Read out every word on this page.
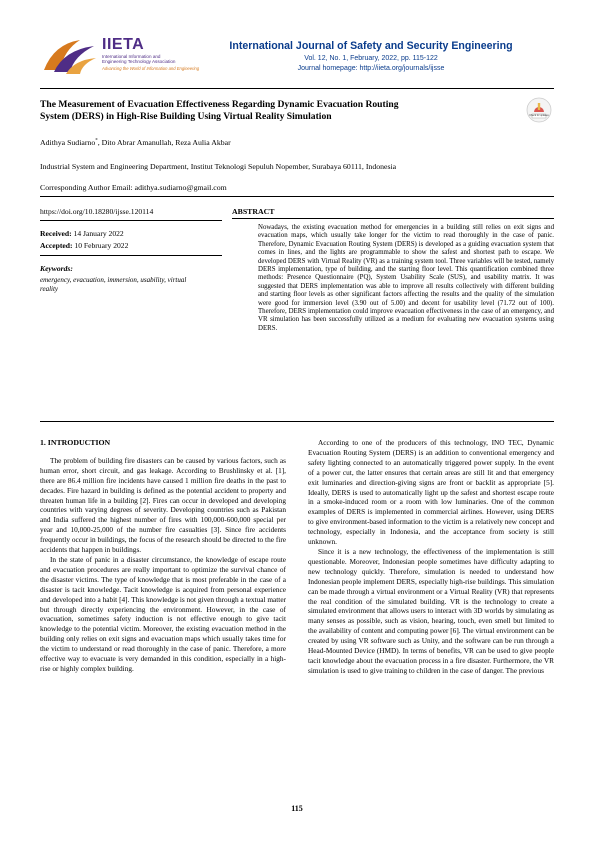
IIETA
International Information and
Engineering Technology Association
Advancing the World of Information and Engineering
International Journal of Safety and Security Engineering
Vol. 12, No. 1, February, 2022, pp. 115-122
Journal homepage: http://iieta.org/journals/ijsse
The Measurement of Evacuation Effectiveness Regarding Dynamic Evacuation Routing
System (DERS) in High-Rise Building Using Virtual Reality Simulation	Check for updates
Adithya Sudiarno*, Dito Abrar Amanullah, Reza Aulia Akbar
Industrial System and Engineering Department, Institut Teknologi Sepuluh Nopember, Surabaya 60111, Indonesia
Corresponding Author Email: adithya.sudiarno@gmail.com
https://doi.org/10.18280/ijsse.120114
Received: 14 January 2022
Accepted: 10 February 2022
Keywords:
emergency, evacuation, immersion, usability, virtual reality
ABSTRACT
Nowadays, the existing evacuation method for emergencies in a building still relies on exit signs and evacuation maps, which usually take longer for the victim to read thoroughly in the case of panic. Therefore, Dynamic Evacuation Routing System (DERS) is developed as a guiding evacuation system that comes in lines, and the lights are programmable to show the safest and shortest path to escape. We developed DERS with Virtual Reality (VR) as a training system tool. Three variables will be tested, namely DERS implementation, type of building, and the starting floor level. This quantification combined three methods: Presence Questionnaire (PQ), System Usability Scale (SUS), and usability matrix. It was suggested that DERS implementation was able to improve all results collectively with different building and starting floor levels as other significant factors affecting the results and the quality of the simulation were good for immersion level (3.90 out of 5.00) and decent for usability level (71.72 out of 100). Therefore, DERS implementation could improve evacuation effectiveness in the case of an emergency, and VR simulation has been successfully utilized as a medium for evaluating new evacuation systems using DERS.
1. INTRODUCTION

The problem of building fire disasters can be caused by various factors, such as human error, short circuit, and gas leakage. According to Brushlinsky et al. [1], there are 86.4 million fire incidents have caused 1 million fire deaths in the past to decades. Fire hazard in building is defined as the potential accident to property and threaten human life in a building [2]. Fires can occur in developed and developing countries with varying degrees of severity. Developing countries such as Pakistan and India suffered the highest number of fires with 100,000-600,000 special per year and 10,000-25,000 of the number fire casualties [3]. Since fire accidents frequently occur in buildings, the focus of the research should be directed to the fire accidents that happen in buildings.

In the state of panic in a disaster circumstance, the knowledge of escape route and evacuation procedures are really important to optimize the survival chance of the disaster victims. The type of knowledge that is most preferable in the case of a disaster is tacit knowledge. Tacit knowledge is acquired from personal experience and developed into a habit [4]. This knowledge is not given through a textual matter but through directly experiencing the environment. However, in the case of evacuation, sometimes safety induction is not effective enough to give tacit knowledge to the potential victim. Moreover, the existing evacuation method in the building only relies on exit signs and evacuation maps which usually takes time for the victim to understand or read thoroughly in the case of panic. Therefore, a more effective way to evacuate is very demanded in this condition, especially in a high-rise or highly complex building.

According to one of the producers of this technology, INO TEC, Dynamic Evacuation Routing System (DERS) is an addition to conventional emergency and safety lighting connected to an automatically triggered power supply. In the event of a power cut, the latter ensures that certain areas are still lit and that emergency exit luminaries and direction-giving signs are front or backlit as appropriate [5]. Ideally, DERS is used to automatically light up the safest and shortest escape route in a smoke-induced room or a room with low luminaries. One of the common examples of DERS is implemented in commercial airlines. However, using DERS to give environment-based information to the victim is a relatively new concept and technology, especially in Indonesia, and the acceptance from society is still unknown.

Since it is a new technology, the effectiveness of the implementation is still questionable. Moreover, Indonesian people sometimes have difficulty adapting to new technology quickly. Therefore, simulation is needed to understand how Indonesian people implement DERS, especially high-rise buildings. This simulation can be made through a virtual environment or a Virtual Reality (VR) that represents the real condition of the simulated building. VR is the technology to create a simulated environment that allows users to interact with 3D worlds by simulating as many senses as possible, such as vision, hearing, touch, even smell but limited to the availability of content and computing power [6]. The virtual environment can be created by using VR software such as Unity, and the software can be run through a Head-Mounted Device (HMD). In terms of benefits, VR can be used to give people tacit knowledge about the evacuation process in a fire disaster. Furthermore, the VR simulation is used to give training to children in the case of danger. The previous

115
